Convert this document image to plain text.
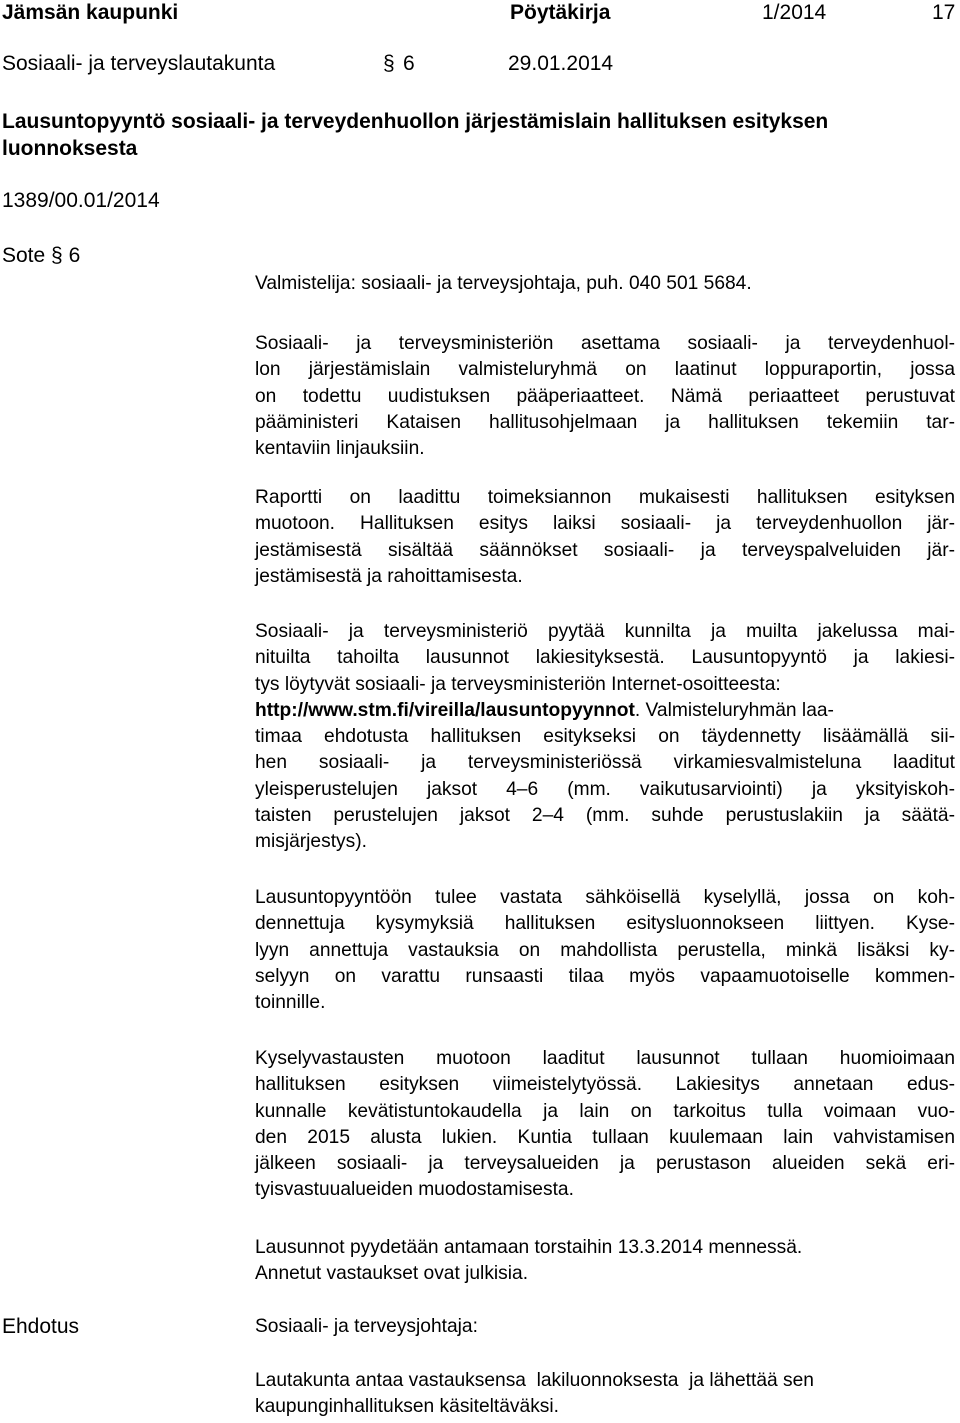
Jämsän kaupunki	Pöytäkirja	1/2014	17
Sosiaali- ja terveyslautakunta	§ 6	29.01.2014
Lausuntopyyntö sosiaali- ja terveydenhuollon järjestämislain hallituksen esityksen
luonnoksesta
1389/00.01/2014
Sote § 6
Valmistelija: sosiaali- ja terveysjohtaja, puh. 040 501 5684.
Sosiaali- ja terveysministeriön asettama sosiaali- ja terveydenhuol-
lon järjestämislain valmisteluryhmä on laatinut loppuraportin, jossa
on todettu uudistuksen pääperiaatteet. Nämä periaatteet perustuvat
pääministeri Kataisen hallitusohjelmaan ja hallituksen tekemiin tar-
kentaviin linjauksiin.
Raportti on laadittu toimeksiannon mukaisesti hallituksen esityksen
muotoon. Hallituksen esitys laiksi sosiaali- ja terveydenhuollon jär-
jestämisestä sisältää säännökset sosiaali- ja terveyspalveluiden jär-
jestämisestä ja rahoittamisesta.
Sosiaali- ja terveysministeriö pyytää kunnilta ja muilta jakelussa mai-
nituilta tahoilta lausunnot lakiesityksestä. Lausuntopyyntö ja lakiesi-
tys löytyvät sosiaali- ja terveysministeriön Internet-osoitteesta:
http://www.stm.fi/vireilla/lausuntopyynnot. Valmisteluryhmän laa-
timaa ehdotusta hallituksen esitykseksi on täydennetty lisäämällä sii-
hen sosiaali- ja terveysministeriössä virkamiesvalmisteluna laaditut
yleisperustelujen jaksot 4–6 (mm. vaikutusarviointi) ja yksityiskoh-
taisten perustelujen jaksot 2–4 (mm. suhde perustuslakiin ja säätä-
misjärjestys).
Lausuntopyyntöön tulee vastata sähköisellä kyselyllä, jossa on koh-
dennettuja kysymyksiä hallituksen esitysluonnokseen liittyen. Kyse-
lyyn annettuja vastauksia on mahdollista perustella, minkä lisäksi ky-
selyyn on varattu runsaasti tilaa myös vapaamuotoiselle kommen-
toinnille.
Kyselyvastausten muotoon laaditut lausunnot tullaan huomioimaan
hallituksen esityksen viimeistelytyössä. Lakiesitys annetaan edus-
kunnalle kevätistuntokaudella ja lain on tarkoitus tulla voimaan vuo-
den 2015 alusta lukien. Kuntia tullaan kuulemaan lain vahvistamisen
jälkeen sosiaali- ja terveysalueiden ja perustason alueiden sekä eri-
tyisvastuualueiden muodostamisesta.
Lausunnot pyydetään antamaan torstaihin 13.3.2014 mennessä.
Annetut vastaukset ovat julkisia.
Ehdotus	Sosiaali- ja terveysjohtaja:
Lautakunta antaa vastauksensa  lakiluonnoksesta  ja lähettää sen
kaupunginhallituksen käsiteltäväksi.
